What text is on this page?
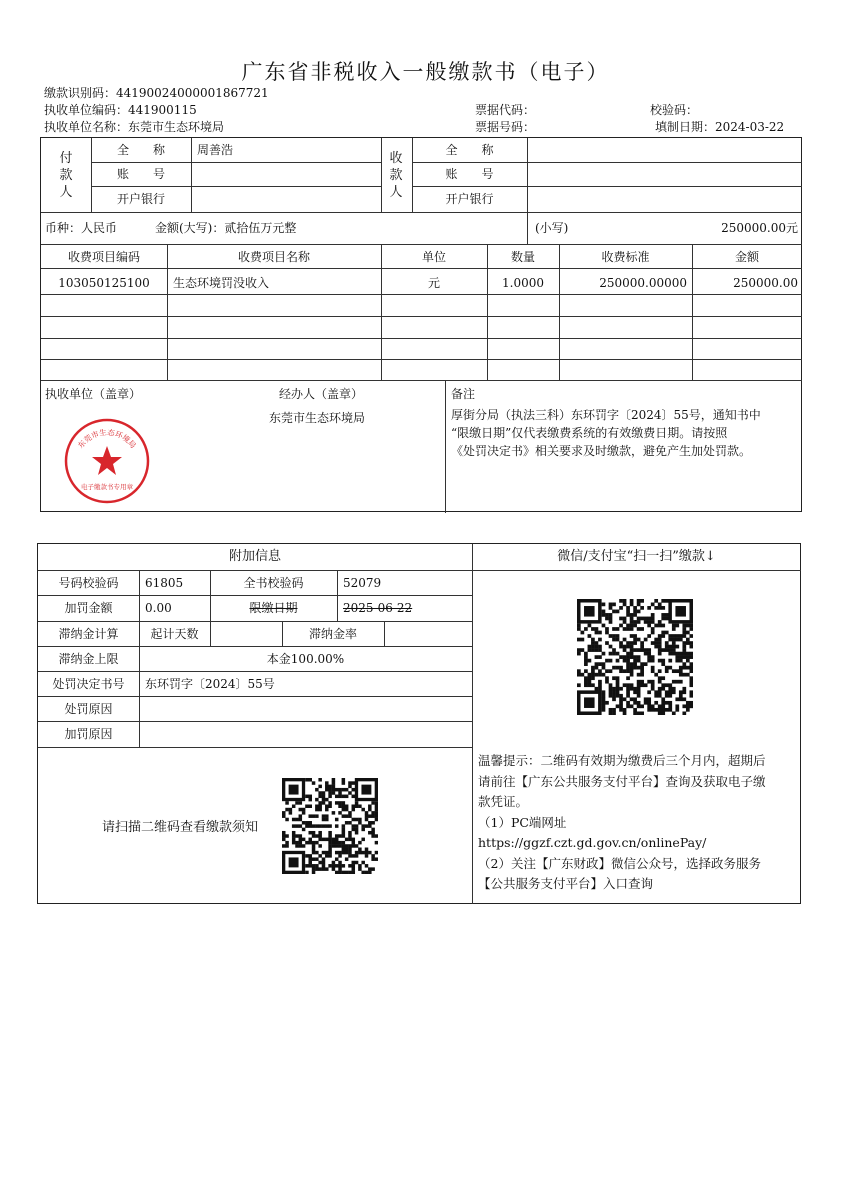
广东省非税收入一般缴款书（电子）
缴款识别码：441900240000018677​21
执收单位编码：441900115
执收单位名称：东莞市生态环境局
票据代码：
票据号码：
校验码：
填制日期：2024-03-22
付款人
全　　称	周善浩
账　　号
开户银行
收款人
全　　称
账　　号
开户银行
币种：人民币	金额(大写)：贰拾伍万元整	(小写)	250000.00元
收费项目编码	收费项目名称	单位	数量	收费标准	金额
103050125100	生态环境罚没收入	元	1.0000	250000.00000	250000.00
执收单位（盖章）	经办人（盖章）
东莞市生态环境局
备注
厚街分局（执法三科）东环罚字〔2024〕55号，通知书中
“限缴日期”仅代表缴费系统的有效缴费日期。请按照
《处罚决定书》相关要求及时缴款，避免产生加处罚款。
东莞市生态环境局
电子缴款书专用章
附加信息	微信/支付宝“扫一扫”缴款↓
号码校验码	61805	全书校验码	52079
加罚金额	0.00	限缴日期	2025-06-22
滞纳金计算	起计天数	滞纳金率
滞纳金上限	本金100.00%
处罚决定书号	东环罚字〔2024〕55号
处罚原因
加罚原因
请扫描二维码查看缴款须知
温馨提示：二维码有效期为缴费后三个月内，超期后
请前往【广东公共服务支付平台】查询及获取电子缴
款凭证。
（1）PC端网址
https://ggzf.czt.gd.gov.cn/onlinePay/
（2）关注【广东财政】微信公众号，选择政务服务
【公共服务支付平台】入口查询
